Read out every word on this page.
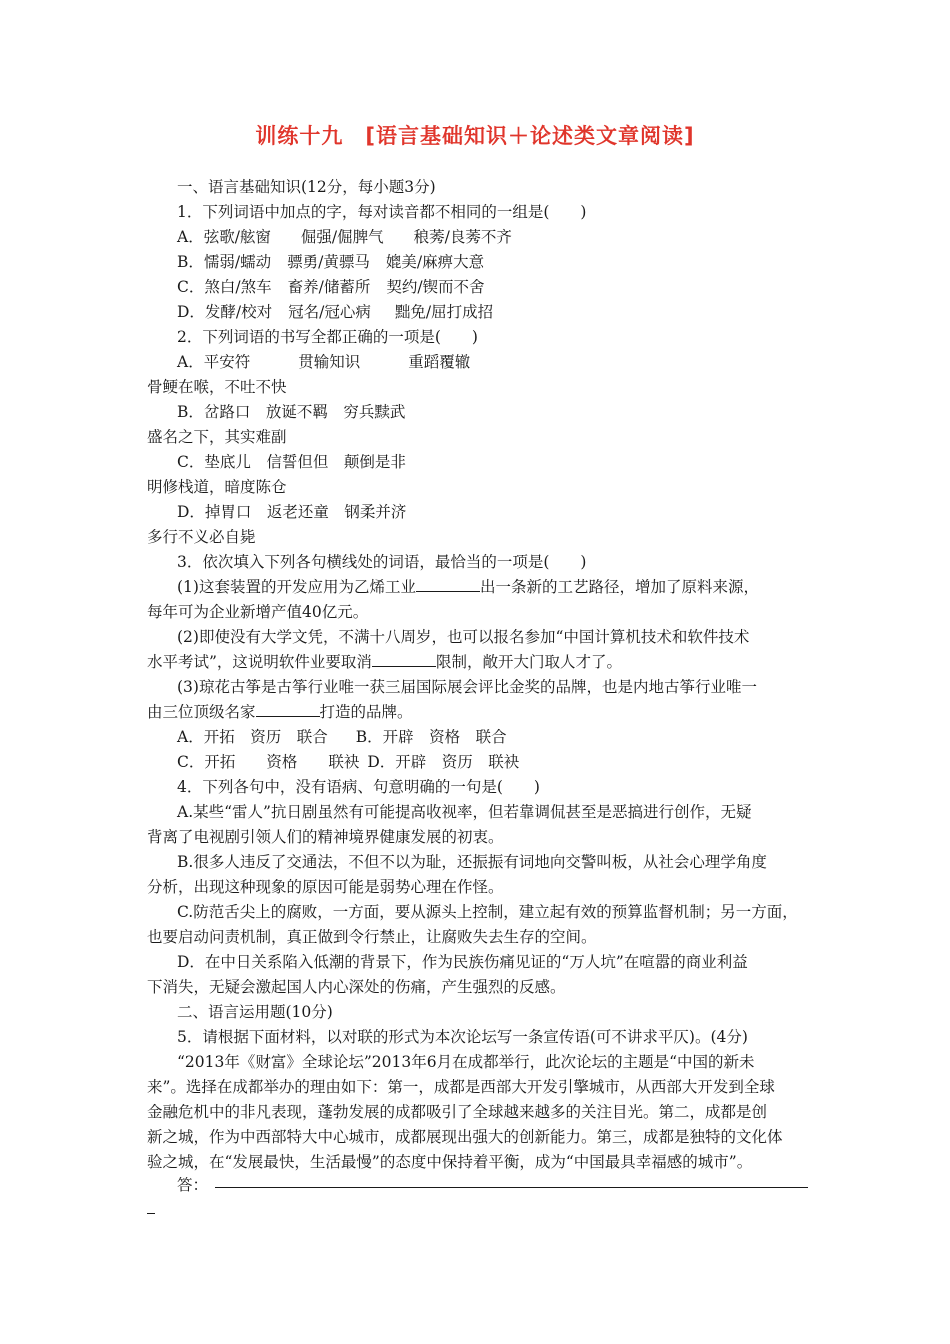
训练十九　[语言基础知识＋论述类文章阅读]
一、语言基础知识(12分，每小题3分)
1．下列词语中加点的字，每对读音都不相同的一组是(　　)
A．弦歌/舷窗 倔强/倔脾气 稂莠/良莠不齐
B．懦弱/蠕动 骠勇/黄骠马 媲美/麻痹大意
C．煞白/煞车 畜养/储蓄所 契约/锲而不舍
D．发酵/校对 冠名/冠心病 黜免/屈打成招
2．下列词语的书写全都正确的一项是(　　)
A．平安符	贯输知识	重蹈覆辙
骨鲠在喉，不吐不快
B．岔路口　放诞不羁　穷兵黩武
盛名之下，其实难副
C．垫底儿　信誓但但　颠倒是非
明修栈道，暗度陈仓
D．掉胃口　返老还童　钢柔并济
多行不义必自毙
3．依次填入下列各句横线处的词语，最恰当的一项是(　　)
(1)这套装置的开发应用为乙烯工业	出一条新的工艺路径，增加了原料来源，
每年可为企业新增产值40亿元。
(2)即使没有大学文凭，不满十八周岁，也可以报名参加“中国计算机技术和软件技术
水平考试”，这说明软件业要取消	限制，敞开大门取人才了。
(3)琼花古筝是古筝行业唯一获三届国际展会评比金奖的品牌，也是内地古筝行业唯一
由三位顶级名家	打造的品牌。
A．开拓　资历　联合 B．开辟　资格　联合
C．开拓　　资格　　联袂 D．开辟　资历　联袂
4．下列各句中，没有语病、句意明确的一句是(　　)
A.某些“雷人”抗日剧虽然有可能提高收视率，但若靠调侃甚至是恶搞进行创作，无疑
背离了电视剧引领人们的精神境界健康发展的初衷。
B.很多人违反了交通法，不但不以为耻，还振振有词地向交警叫板，从社会心理学角度
分析，出现这种现象的原因可能是弱势心理在作怪。
C.防范舌尖上的腐败，一方面，要从源头上控制，建立起有效的预算监督机制；另一方面，
也要启动问责机制，真正做到令行禁止，让腐败失去生存的空间。
D．在中日关系陷入低潮的背景下，作为民族伤痛见证的“万人坑”在喧嚣的商业利益
下消失，无疑会激起国人内心深处的伤痛，产生强烈的反感。
二、语言运用题(10分)
5．请根据下面材料，以对联的形式为本次论坛写一条宣传语(可不讲求平仄)。(4分)
“2013年《财富》全球论坛”2013年6月在成都举行，此次论坛的主题是“中国的新未
来”。选择在成都举办的理由如下：第一，成都是西部大开发引擎城市，从西部大开发到全球
金融危机中的非凡表现，蓬勃发展的成都吸引了全球越来越多的关注目光。第二，成都是创
新之城，作为中西部特大中心城市，成都展现出强大的创新能力。第三，成都是独特的文化体
验之城，在“发展最快，生活最慢”的态度中保持着平衡，成为“中国最具幸福感的城市”。
答：
